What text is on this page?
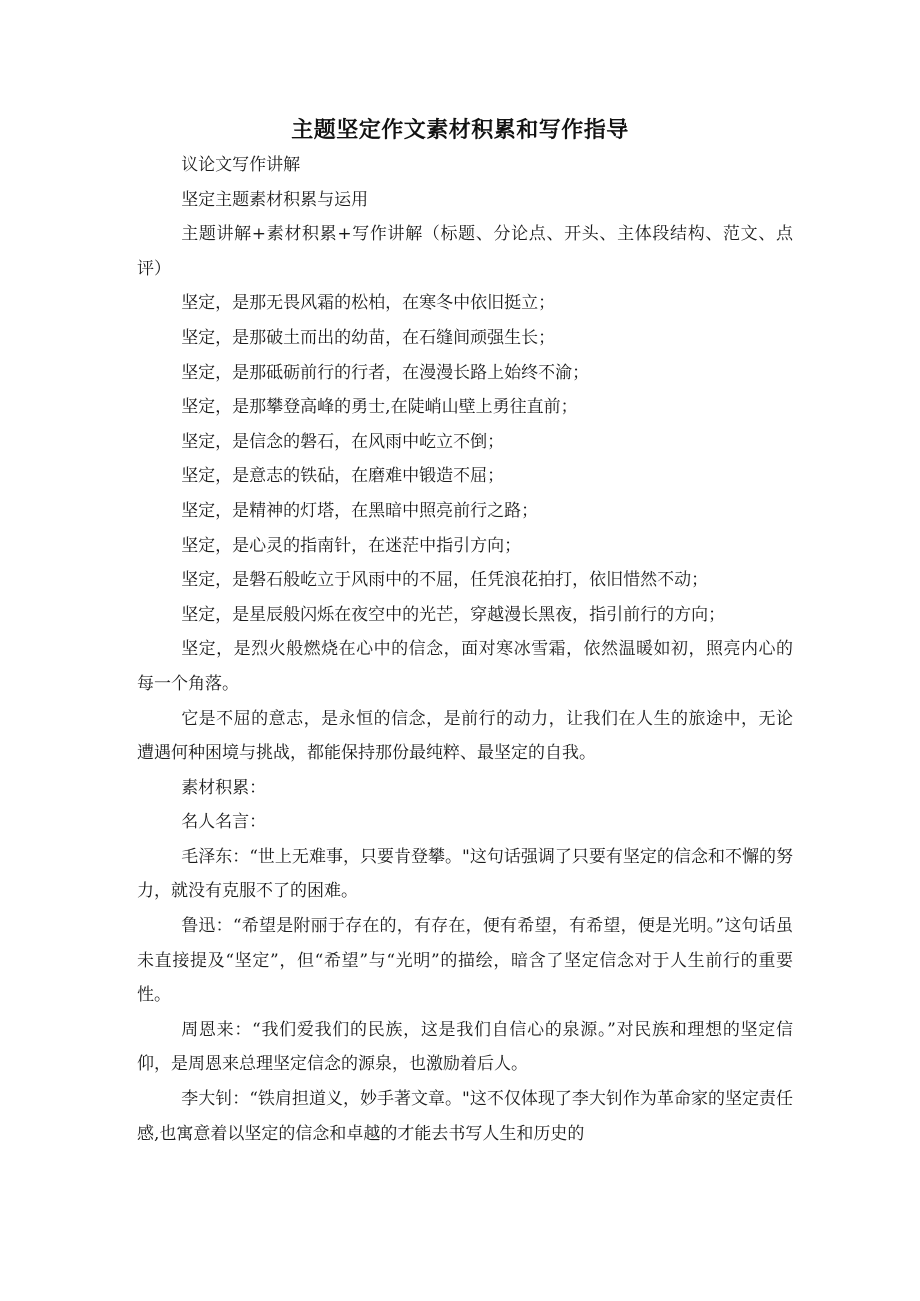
主题坚定作文素材积累和写作指导

议论文写作讲解

坚定主题素材积累与运用

主题讲解+素材积累+写作讲解（标题、分论点、开头、主体段结构、范文、点评）

坚定，是那无畏风霜的松柏，在寒冬中依旧挺立；

坚定，是那破土而出的幼苗，在石缝间顽强生长；

坚定，是那砥砺前行的行者，在漫漫长路上始终不渝；

坚定，是那攀登高峰的勇士,在陡峭山壁上勇往直前；

坚定，是信念的磐石，在风雨中屹立不倒；

坚定，是意志的铁砧，在磨难中锻造不屈；

坚定，是精神的灯塔，在黑暗中照亮前行之路；

坚定，是心灵的指南针，在迷茫中指引方向；

坚定，是磐石般屹立于风雨中的不屈，任凭浪花拍打，依旧惜然不动；

坚定，是星辰般闪烁在夜空中的光芒，穿越漫长黑夜，指引前行的方向；

坚定，是烈火般燃烧在心中的信念，面对寒冰雪霜，依然温暖如初，照亮内心的每一个角落。

它是不屈的意志，是永恒的信念，是前行的动力，让我们在人生的旅途中，无论遭遇何种困境与挑战，都能保持那份最纯粹、最坚定的自我。

素材积累：

名人名言：

毛泽东：“世上无难事，只要肯登攀。"这句话强调了只要有坚定的信念和不懈的努力，就没有克服不了的困难。

鲁迅：“希望是附丽于存在的，有存在，便有希望，有希望，便是光明。”这句话虽未直接提及“坚定”，但“希望”与“光明”的描绘，暗含了坚定信念对于人生前行的重要性。

周恩来：“我们爱我们的民族，这是我们自信心的泉源。”对民族和理想的坚定信仰，是周恩来总理坚定信念的源泉，也激励着后人。

李大钊：“铁肩担道义，妙手著文章。"这不仅体现了李大钊作为革命家的坚定责任感,也寓意着以坚定的信念和卓越的才能去书写人生和历史的
